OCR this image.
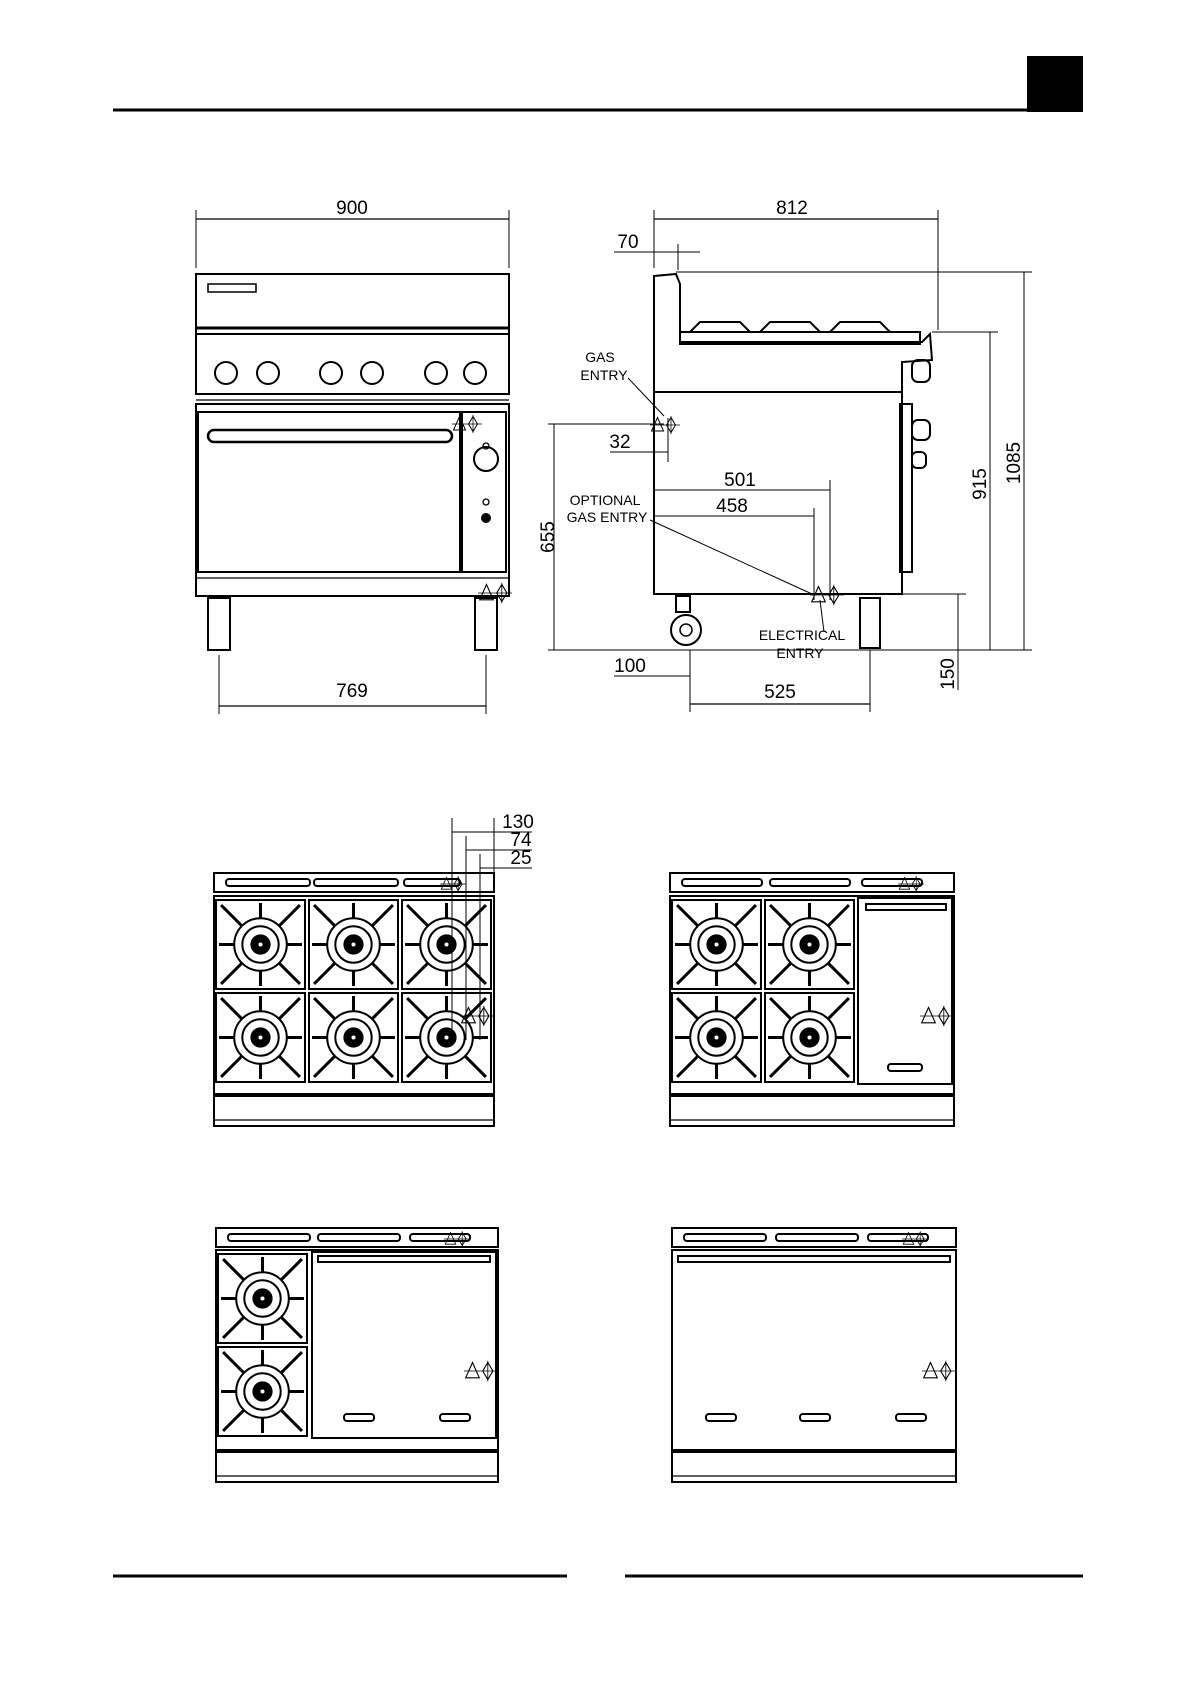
900
769
812
70
GAS
ENTRY
32
501
OPTIONAL
GAS ENTRY	458
ELECTRICAL
ENTRY
655
100
525
915 1085
150
130
74
25
